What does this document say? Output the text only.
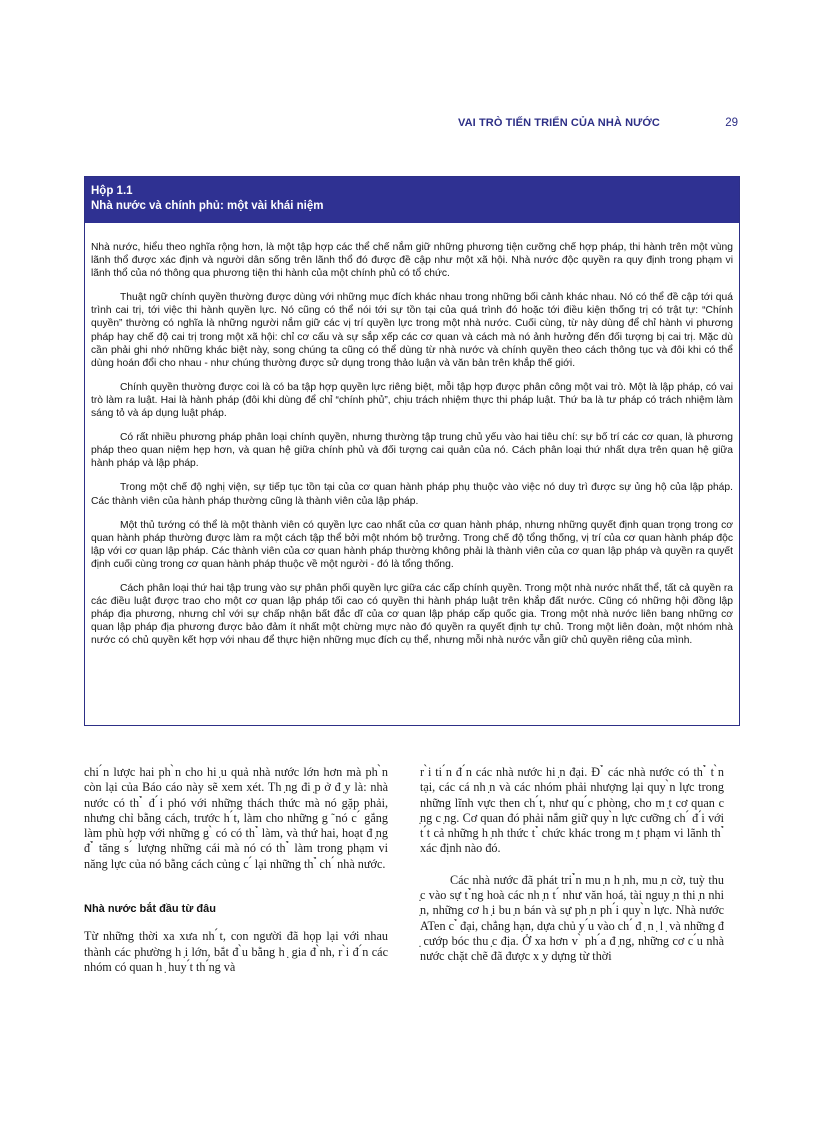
VAI TRÒ TIẾN TRIỂN CỦA NHÀ NƯỚC	29
Hộp 1.1
Nhà nước và chính phủ: một vài khái niệm

Nhà nước, hiểu theo nghĩa rộng hơn, là một tập hợp các thể chế nắm giữ những phương tiện cưỡng chế hợp pháp, thi hành trên một vùng lãnh thổ được xác định và người dân sống trên lãnh thổ đó được đề cập như một xã hội. Nhà nước độc quyền ra quy định trong phạm vi lãnh thổ của nó thông qua phương tiện thi hành của một chính phủ có tổ chức.

Thuật ngữ chính quyền thường được dùng với những mục đích khác nhau trong những bối cảnh khác nhau. Nó có thể đề cập tới quá trình cai trị, tới việc thi hành quyền lực. Nó cũng có thể nói tới sự tồn tại của quá trình đó hoặc tới điều kiện thống trị có trật tự: “Chính quyền” thường có nghĩa là những người nắm giữ các vị trí quyền lực trong một nhà nước. Cuối cùng, từ này dùng để chỉ hành vi phương pháp hay chế độ cai trị trong một xã hội: chỉ cơ cấu và sự sắp xếp các cơ quan và cách mà nó ảnh hưởng đến đối tượng bị cai trị. Mặc dù cần phải ghi nhớ những khác biệt này, song chúng ta cũng có thể dùng từ nhà nước và chính quyền theo cách thông tục và đôi khi có thể dùng hoán đổi cho nhau - như chúng thường được sử dụng trong thảo luận và văn bản trên khắp thế giới.

Chính quyền thường được coi là có ba tập hợp quyền lực riêng biệt, mỗi tập hợp được phân công một vai trò. Một là lập pháp, có vai trò làm ra luật. Hai là hành pháp (đôi khi dùng để chỉ “chính phủ”, chịu trách nhiệm thực thi pháp luật. Thứ ba là tư pháp có trách nhiệm làm sáng tỏ và áp dụng luật pháp.

Có rất nhiều phương pháp phân loại chính quyền, nhưng thường tập trung chủ yếu vào hai tiêu chí: sự bố trí các cơ quan, là phương pháp theo quan niệm hẹp hơn, và quan hệ giữa chính phủ và đối tượng cai quản của nó. Cách phân loại thứ nhất dựa trên quan hệ giữa hành pháp và lập pháp.

Trong một chế độ nghị viện, sự tiếp tục tồn tại của cơ quan hành pháp phụ thuộc vào việc nó duy trì được sự ủng hộ của lập pháp. Các thành viên của hành pháp thường cũng là thành viên của lập pháp.

Một thủ tướng có thể là một thành viên có quyền lực cao nhất của cơ quan hành pháp, nhưng những quyết định quan trọng trong cơ quan hành pháp thường được làm ra một cách tập thể bởi một nhóm bộ trưởng. Trong chế độ tổng thống, vị trí của cơ quan hành pháp độc lập với cơ quan lập pháp. Các thành viên của cơ quan hành pháp thường không phải là thành viên của cơ quan lập pháp và quyền ra quyết định cuối cùng trong cơ quan hành pháp thuộc về một người - đó là tổng thống.

Cách phân loại thứ hai tập trung vào sự phân phối quyền lực giữa các cấp chính quyền. Trong một nhà nước nhất thể, tất cả quyền ra các điều luật được trao cho một cơ quan lập pháp tối cao có quyền thi hành pháp luật trên khắp đất nước. Cũng có những hội đồng lập pháp địa phương, nhưng chỉ với sự chấp nhận bất đắc dĩ của cơ quan lập pháp cấp quốc gia. Trong một nhà nước liên bang những cơ quan lập pháp địa phương được bảo đảm ít nhất một chừng mực nào đó quyền ra quyết định tự chủ. Trong một liên đoàn, một nhóm nhà nước có chủ quyền kết hợp với nhau để thực hiện những mục đích cụ thể, nhưng mỗi nhà nước vẫn giữ chủ quyền riêng của mình.

chi ́n lược hai ph ̀n cho hi ̣u quả nhà nước lớn hơn mà ph ̀n còn lại của Báo cáo này sẽ xem xét. Th ̣ng đi ̣p ở đ ̣y là: nhà nước có th ̉ đ ́i phó với những thách thức mà nó gặp phải, nhưng chỉ bằng cách, trước h ́t, làm cho những g ̃ nó c ́ gắng làm phù hợp với những g ̀ có có th ̉ làm, và thứ hai, hoạt đ ̣ng đ ̉ tăng s ́ lượng những cái mà nó có th ̉ làm trong phạm vi năng lực của nó bằng cách củng c ́ lại những th ̉ ch ́ nhà nước.

Nhà nước bắt đầu từ đâu

Từ những thời xa xưa nh ́t, con người đã họp lại với nhau thành các phường h ̣i lớn, bắt đ ̀u bằng h ̣ gia đ ̀nh, r ̀i đ ́n các nhóm có quan h ̣ huy ́t th ́ng và

r ̀i ti ́n đ ́n các nhà nước hi ̣n đại. Đ ̉ các nhà nước có th ̉ t ̀n tại, các cá nh ̣n và các nhóm phải nhượng lại quy ̀n lực trong những lĩnh vực then ch ́t, như qu ́c phòng, cho m ̣t cơ quan c ̣ng c ̣ng. Cơ quan đó phải nắm giữ quy ̀n lực cưỡng ch ́ đ ́i với t ́t cả những h ̣nh thức t ̉ chức khác trong m ̣t phạm vi lãnh th ̉ xác định nào đó.

Các nhà nước đã phát tri ̉n mu ̣n h ̣nh, mu ̣n cờ, tuỳ thu ̣c vào sự t ̉ng hoà các nh ̣n t ́ như văn hoá, tài nguy ̣n thi ̣n nhi ̣n, những cơ h ̣i bu ̣n bán và sự ph ̣n ph ́i quy ̀n lực. Nhà nước ATen c ̉ đại, chẳng hạn, dựa chủ y ́u vào ch ́ đ ̣ n ̣ l ̣ và những đ ̣ cướp bóc thu ̣c địa. Ở xa hơn v ̀ ph ́a đ ̣ng, những cơ c ́u nhà nước chặt chẽ đã được x ̣y dựng từ thời
